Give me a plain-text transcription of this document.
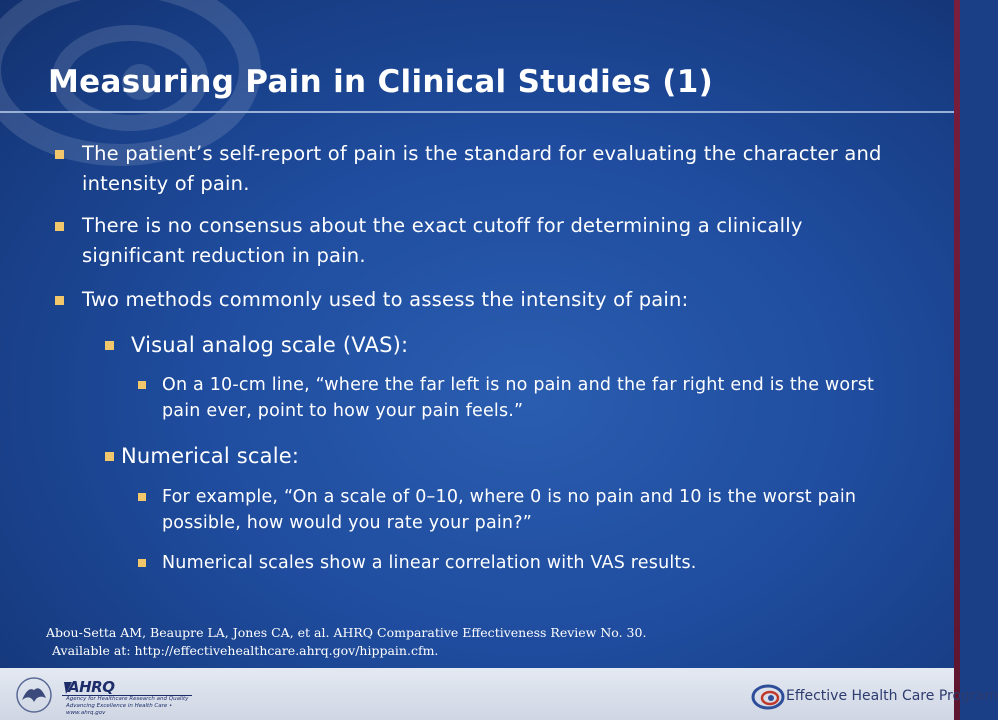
Measuring Pain in Clinical Studies (1)
The patient’s self-report of pain is the standard for evaluating the character and intensity of pain.
There is no consensus about the exact cutoff for determining a clinically significant reduction in pain.
Two methods commonly used to assess the intensity of pain:
Visual analog scale (VAS):
On a 10-cm line, “where the far left is no pain and the far right end is the worst pain ever, point to how your pain feels.”
Numerical scale:
For example, “On a scale of 0–10, where 0 is no pain and 10 is the worst pain possible, how would you rate your pain?”
Numerical scales show a linear correlation with VAS results.
Abou-Setta AM, Beaupre LA, Jones CA, et al. AHRQ Comparative Effectiveness Review No. 30.
Available at: http://effectivehealthcare.ahrq.gov/hippain.cfm.
AHRQ
Agency for Healthcare Research and Quality
Advancing Excellence in Health Care • www.ahrq.gov
Effective Health Care Program
